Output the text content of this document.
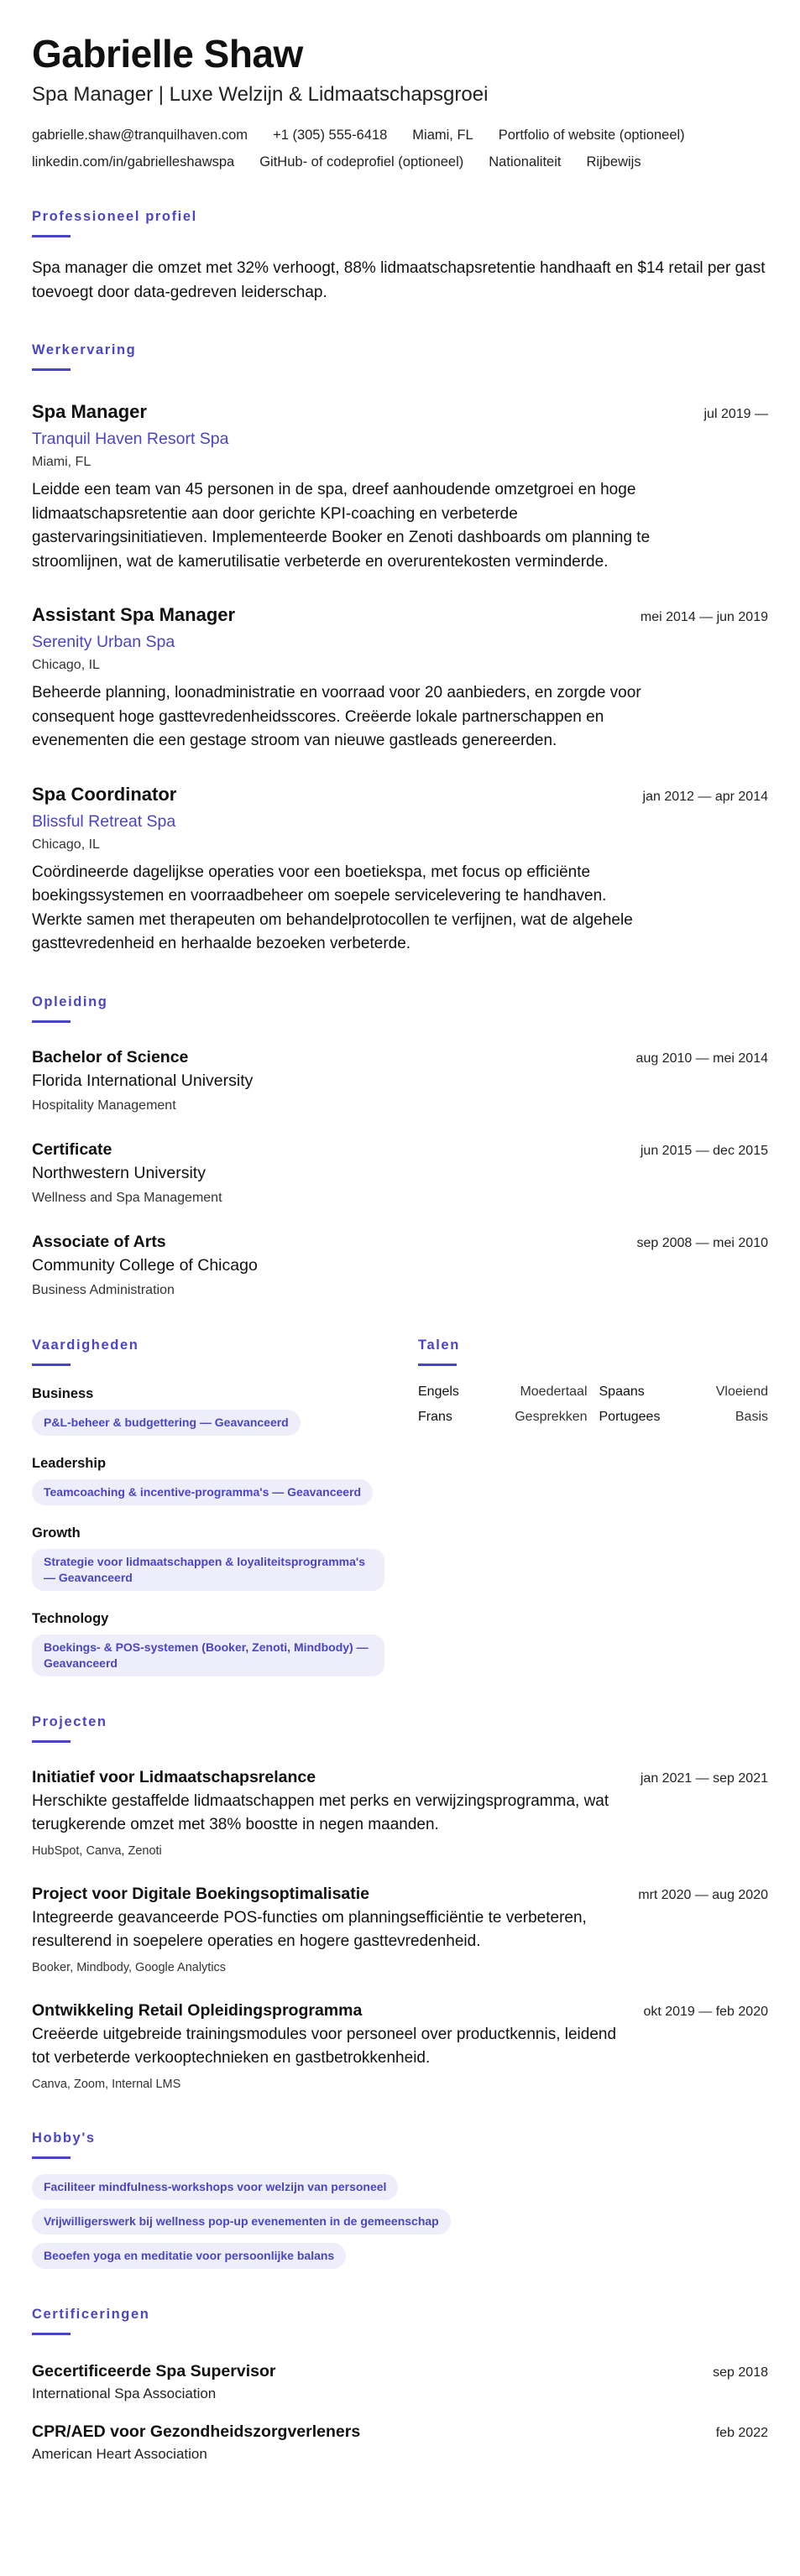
Gabrielle Shaw
Spa Manager | Luxe Welzijn & Lidmaatschapsgroei
gabrielle.shaw@tranquilhaven.com +1 (305) 555-6418 Miami, FL Portfolio of website (optioneel)
linkedin.com/in/gabrielleshawspa GitHub- of codeprofiel (optioneel) Nationaliteit Rijbewijs
Professioneel profiel

Spa manager die omzet met 32% verhoogt, 88% lidmaatschapsretentie handhaaft en $14 retail per gast toevoegt door data-gedreven leiderschap.

Werkervaring
Spa Manager	jul 2019 —
Tranquil Haven Resort Spa
Miami, FL
Leidde een team van 45 personen in de spa, dreef aanhoudende omzetgroei en hoge lidmaatschapsretentie aan door gerichte KPI-coaching en verbeterde gastervaringsinitiatieven. Implementeerde Booker en Zenoti dashboards om planning te stroomlijnen, wat de kamerutilisatie verbeterde en overurentekosten verminderde.
Assistant Spa Manager	mei 2014 — jun 2019
Serenity Urban Spa
Chicago, IL
Beheerde planning, loonadministratie en voorraad voor 20 aanbieders, en zorgde voor consequent hoge gasttevredenheidsscores. Creëerde lokale partnerschappen en evenementen die een gestage stroom van nieuwe gastleads genereerden.
Spa Coordinator	jan 2012 — apr 2014
Blissful Retreat Spa
Chicago, IL
Coördineerde dagelijkse operaties voor een boetiekspa, met focus op efficiënte boekingssystemen en voorraadbeheer om soepele servicelevering te handhaven. Werkte samen met therapeuten om behandelprotocollen te verfijnen, wat de algehele gasttevredenheid en herhaalde bezoeken verbeterde.
Opleiding
Bachelor of Science	aug 2010 — mei 2014
Florida International University
Hospitality Management
Certificate	jun 2015 — dec 2015
Northwestern University
Wellness and Spa Management
Associate of Arts	sep 2008 — mei 2010
Community College of Chicago
Business Administration
Vaardigheden
Business
P&L-beheer & budgettering — Geavanceerd
Leadership
Teamcoaching & incentive-programma's — Geavanceerd
Growth
Strategie voor lidmaatschappen & loyaliteitsprogramma's — Geavanceerd
Technology
Boekings- & POS-systemen (Booker, Zenoti, Mindbody) — Geavanceerd
Talen
Engels	Moedertaal Spaans	Vloeiend
Frans	Gesprekken Portugees	Basis
Projecten
Initiatief voor Lidmaatschapsrelance	jan 2021 — sep 2021
Herschikte gestaffelde lidmaatschappen met perks en verwijzingsprogramma, wat terugkerende omzet met 38% boostte in negen maanden.
HubSpot, Canva, Zenoti
Project voor Digitale Boekingsoptimalisatie	mrt 2020 — aug 2020
Integreerde geavanceerde POS-functies om planningsefficiëntie te verbeteren, resulterend in soepelere operaties en hogere gasttevredenheid.
Booker, Mindbody, Google Analytics
Ontwikkeling Retail Opleidingsprogramma	okt 2019 — feb 2020
Creëerde uitgebreide trainingsmodules voor personeel over productkennis, leidend tot verbeterde verkooptechnieken en gastbetrokkenheid.
Canva, Zoom, Internal LMS
Hobby's
Faciliteer mindfulness-workshops voor welzijn van personeel
Vrijwilligerswerk bij wellness pop-up evenementen in de gemeenschap
Beoefen yoga en meditatie voor persoonlijke balans
Certificeringen
Gecertificeerde Spa Supervisor	sep 2018
International Spa Association
CPR/AED voor Gezondheidszorgverleners	feb 2022
American Heart Association
